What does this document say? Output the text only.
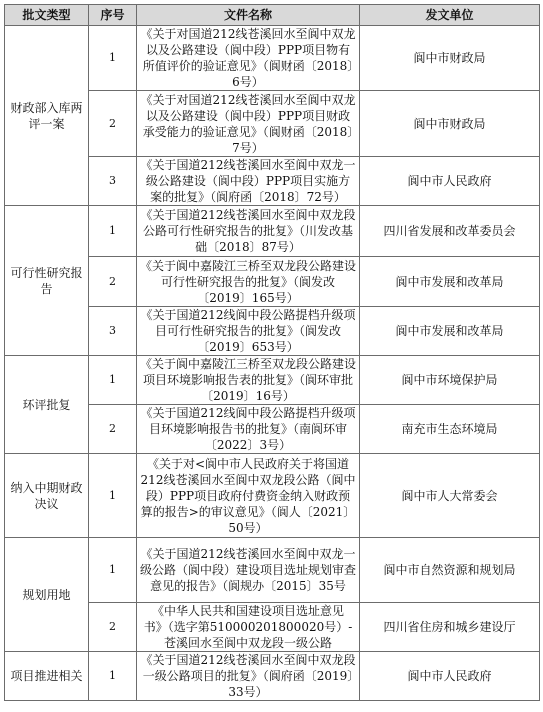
批文类型	序号	文件名称	发文单位
财政部入库两评一案	1	《关于对国道212线苍溪回水至阆中双龙以及公路建设（阆中段）PPP项目物有所值评价的验证意见》（阆财函〔2018〕6号）	阆中市财政局
	2	《关于对国道212线苍溪回水至阆中双龙以及公路建设（阆中段）PPP项目财政承受能力的验证意见》（阆财函〔2018〕7号）	阆中市财政局
	3	《关于国道212线苍溪回水至阆中双龙一级公路建设（阆中段）PPP项目实施方案的批复》（阆府函〔2018〕72号）	阆中市人民政府
可行性研究报告	1	《关于国道212线苍溪回水至阆中双龙段公路可行性研究报告的批复》（川发改基础〔2018〕87号）	四川省发展和改革委员会
	2	《关于阆中嘉陵江三桥至双龙段公路建设可行性研究报告的批复》（阆发改〔2019〕165号）	阆中市发展和改革局
	3	《关于国道212线阆中段公路提档升级项目可行性研究报告的批复》（阆发改〔2019〕653号）	阆中市发展和改革局
环评批复	1	《关于阆中嘉陵江三桥至双龙段公路建设项目环境影响报告表的批复》（阆环审批〔2019〕16号）	阆中市环境保护局
	2	《关于国道212线阆中段公路提档升级项目环境影响报告书的批复》（南阆环审〔2022〕3号）	南充市生态环境局
纳入中期财政决议	1	《关于对<阆中市人民政府关于将国道212线苍溪回水至阆中双龙段公路（阆中段）PPP项目政府付费资金纳入财政预算的报告>的审议意见》（阆人〔2021〕50号）	阆中市人大常委会
规划用地	1	《关于国道212线苍溪回水至阆中双龙一级公路（阆中段）建设项目选址规划审查意见的报告》（阆规办〔2015〕35号	阆中市自然资源和规划局
	2	《中华人民共和国建设项目选址意见书》（选字第510000201800020号）-苍溪回水至阆中双龙段一级公路	四川省住房和城乡建设厅
项目推进相关	1	《关于国道212线苍溪回水至阆中双龙段一级公路项目的批复》（阆府函〔2019〕33号）	阆中市人民政府
